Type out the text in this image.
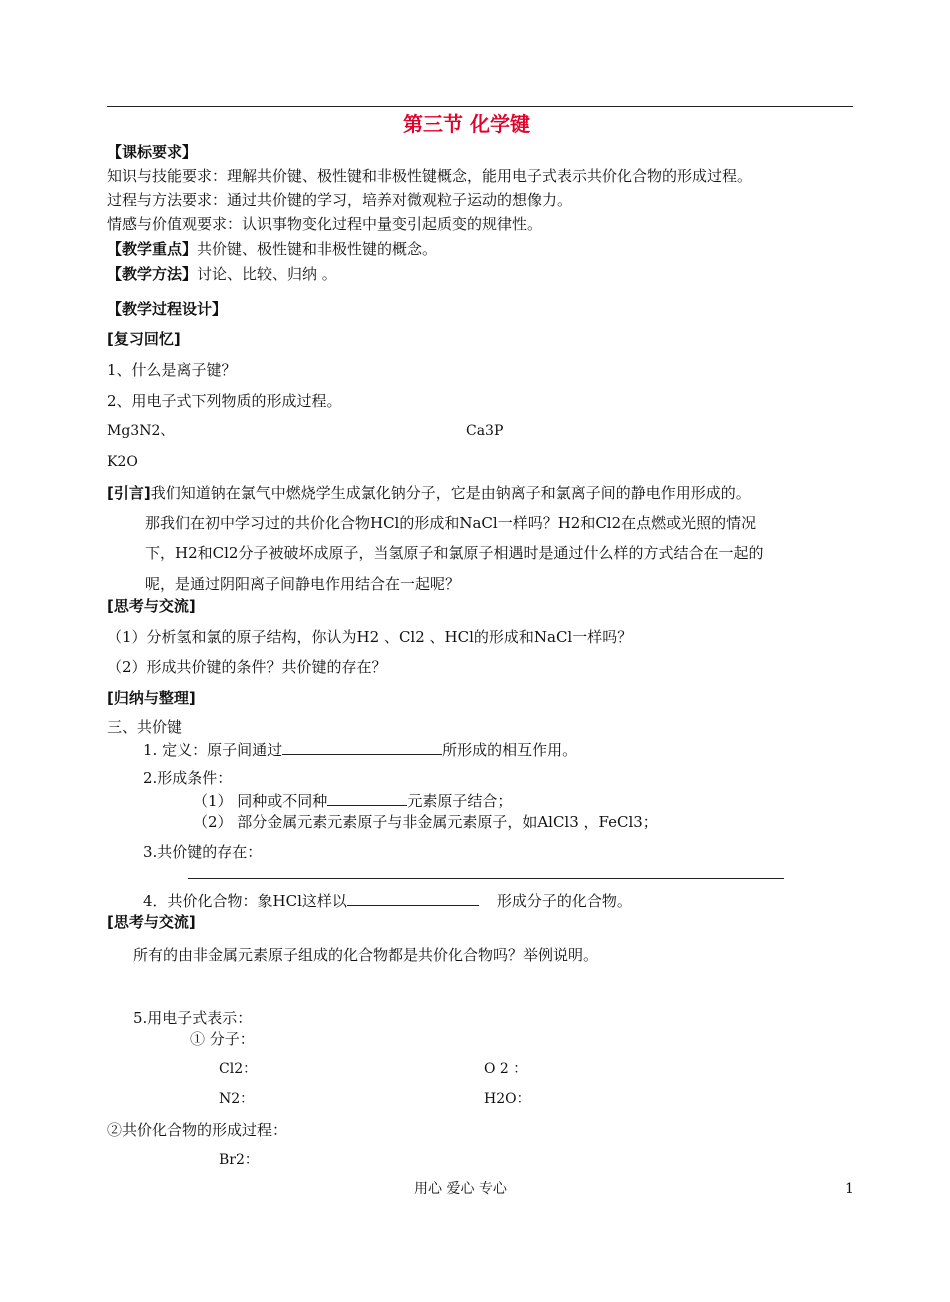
第三节 化学键
【课标要求】
知识与技能要求：理解共价键、极性键和非极性键概念，能用电子式表示共价化合物的形成过程。
过程与方法要求：通过共价键的学习，培养对微观粒子运动的想像力。
情感与价值观要求：认识事物变化过程中量变引起质变的规律性。
【教学重点】共价键、极性键和非极性键的概念。
【教学方法】讨论、比较、归纳 。
【教学过程设计】
[复习回忆]
1、什么是离子键？
2、用电子式下列物质的形成过程。
Mg3N2、	Ca3P
K2O
[引言]我们知道钠在氯气中燃烧学生成氯化钠分子，它是由钠离子和氯离子间的静电作用形成的。
那我们在初中学习过的共价化合物HCl的形成和NaCl一样吗？H2和Cl2在点燃或光照的情况
下，H2和Cl2分子被破坏成原子，当氢原子和氯原子相遇时是通过什么样的方式结合在一起的
呢，是通过阴阳离子间静电作用结合在一起呢？
[思考与交流]
（1）分析氢和氯的原子结构，你认为H2 、Cl2 、HCl的形成和NaCl一样吗？
（2）形成共价键的条件？共价键的存在？
[归纳与整理]
三、共价键
1. 定义：原子间通过	所形成的相互作用。
2.形成条件：
（1） 同种或不同种	元素原子结合；
（2） 部分金属元素元素原子与非金属元素原子，如AlCl3 ，FeCl3；
3.共价键的存在：
4．共价化合物：象HCl这样以	形成分子的化合物。
[思考与交流]
所有的由非金属元素原子组成的化合物都是共价化合物吗？举例说明。
5.用电子式表示：
① 分子：
Cl2：	O 2 ：
N2：	H2O：
②共价化合物的形成过程：
Br2：
用心 爱心 专心	1
